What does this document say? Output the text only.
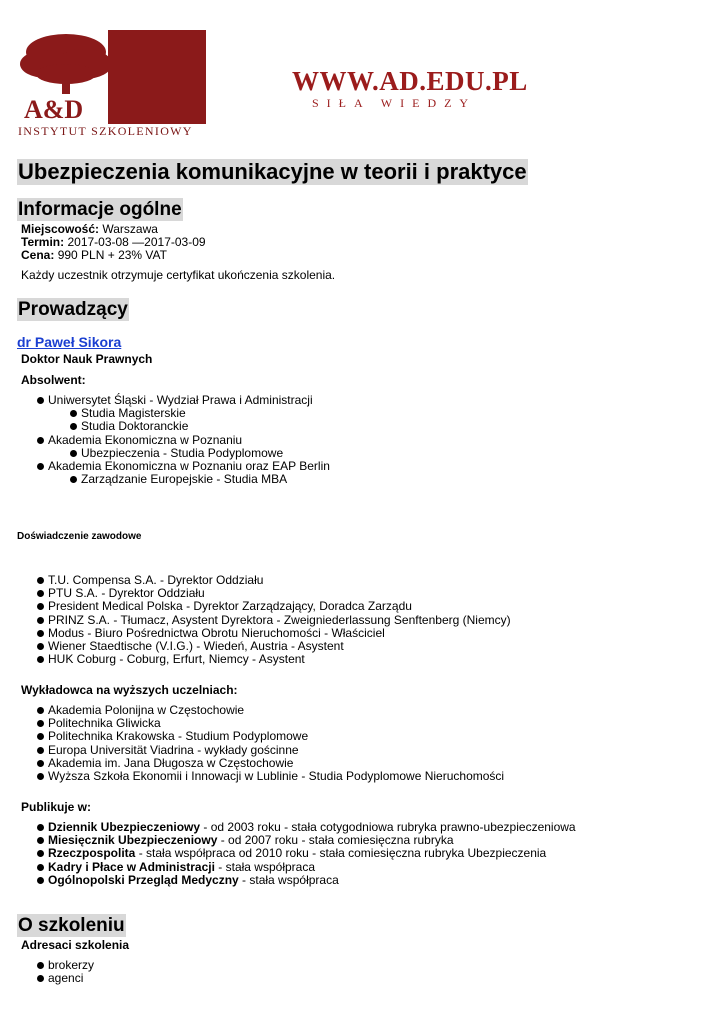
A&D
INSTYTUT SZKOLENIOWY
WWW.AD.EDU.PL
SIŁA WIEDZY
Ubezpieczenia komunikacyjne w teorii i praktyce
Informacje ogólne
Miejscowość: Warszawa
Termin: 2017-03-08 —2017-03-09
Cena: 990 PLN + 23% VAT
Każdy uczestnik otrzymuje certyfikat ukończenia szkolenia.
Prowadzący
dr Paweł Sikora
Doktor Nauk Prawnych
Absolwent:
Uniwersytet Śląski - Wydział Prawa i Administracji
Studia Magisterskie
Studia Doktoranckie
Akademia Ekonomiczna w Poznaniu
Ubezpieczenia - Studia Podyplomowe
Akademia Ekonomiczna w Poznaniu oraz EAP Berlin
Zarządzanie Europejskie - Studia MBA
Doświadczenie zawodowe
T.U. Compensa S.A. - Dyrektor Oddziału
PTU S.A. - Dyrektor Oddziału
President Medical Polska - Dyrektor Zarządzający, Doradca Zarządu
PRINZ S.A. - Tłumacz, Asystent Dyrektora - Zweigniederlassung Senftenberg (Niemcy)
Modus - Biuro Pośrednictwa Obrotu Nieruchomości - Właściciel
Wiener Staedtische (V.I.G.) - Wiedeń, Austria - Asystent
HUK Coburg - Coburg, Erfurt, Niemcy - Asystent
Wykładowca na wyższych uczelniach:
Akademia Polonijna w Częstochowie
Politechnika Gliwicka
Politechnika Krakowska - Studium Podyplomowe
Europa Universität Viadrina - wykłady gościnne
Akademia im. Jana Długosza w Częstochowie
Wyższa Szkoła Ekonomii i Innowacji w Lublinie - Studia Podyplomowe Nieruchomości
Publikuje w:
Dziennik Ubezpieczeniowy - od 2003 roku - stała cotygodniowa rubryka prawno-ubezpieczeniowa
Miesięcznik Ubezpieczeniowy - od 2007 roku - stała comiesięczna rubryka
Rzeczpospolita - stała współpraca od 2010 roku - stała comiesięczna rubryka Ubezpieczenia
Kadry i Płace w Administracji - stała współpraca
Ogólnopolski Przegląd Medyczny - stała współpraca
O szkoleniu
Adresaci szkolenia
brokerzy
agenci
